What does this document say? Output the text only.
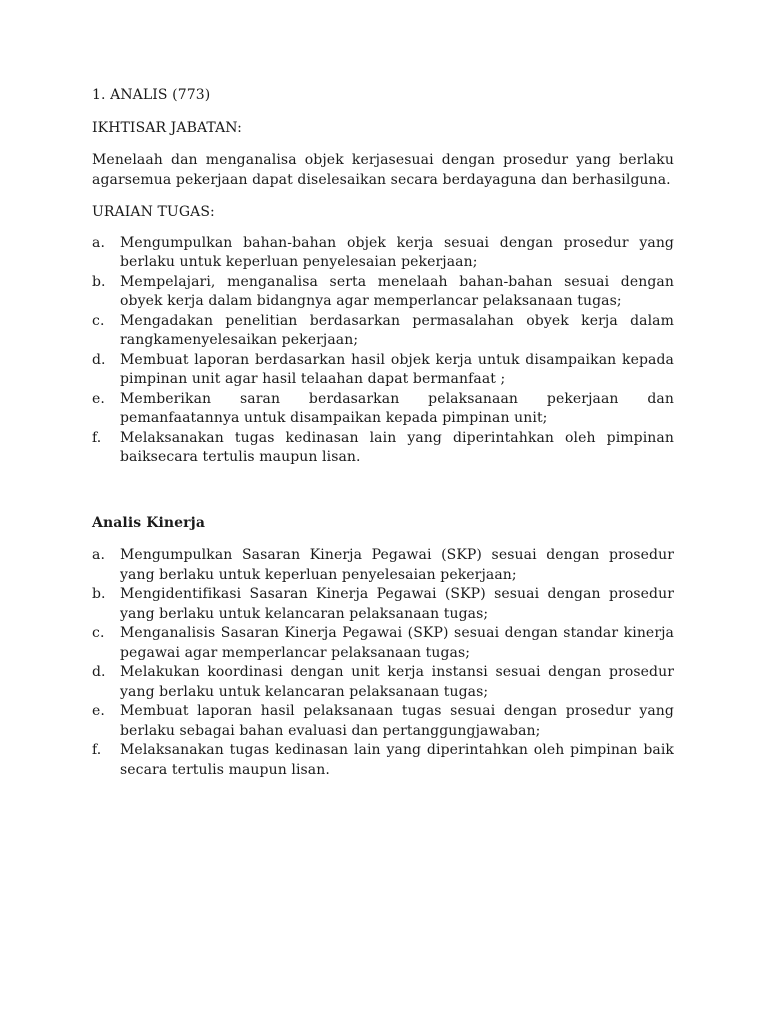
1. ANALIS (773)

IKHTISAR JABATAN:

Menelaah dan menganalisa objek kerjasesuai dengan prosedur yang berlaku agarsemua pekerjaan dapat diselesaikan secara berdayaguna dan berhasilguna.

URAIAN TUGAS:

a.	Mengumpulkan bahan-bahan objek kerja sesuai dengan prosedur yang berlaku untuk keperluan penyelesaian pekerjaan;
b.	Mempelajari, menganalisa serta menelaah bahan-bahan sesuai dengan obyek kerja dalam bidangnya agar memperlancar pelaksanaan tugas;
c.	Mengadakan penelitian berdasarkan permasalahan obyek kerja dalam rangkamenyelesaikan pekerjaan;
d.	Membuat laporan berdasarkan hasil objek kerja untuk disampaikan kepada pimpinan unit agar hasil telaahan dapat bermanfaat ;
e.	Memberikan saran berdasarkan pelaksanaan pekerjaan dan pemanfaatannya untuk disampaikan kepada pimpinan unit;
f.	Melaksanakan tugas kedinasan lain yang diperintahkan oleh pimpinan baiksecara tertulis maupun lisan.

Analis Kinerja

a.	Mengumpulkan Sasaran Kinerja Pegawai (SKP) sesuai dengan prosedur yang berlaku untuk keperluan penyelesaian pekerjaan;
b.	Mengidentifikasi Sasaran Kinerja Pegawai (SKP) sesuai dengan prosedur yang berlaku untuk kelancaran pelaksanaan tugas;
c.	Menganalisis Sasaran Kinerja Pegawai (SKP) sesuai dengan standar kinerja pegawai agar memperlancar pelaksanaan tugas;
d.	Melakukan koordinasi dengan unit kerja instansi sesuai dengan prosedur yang berlaku untuk kelancaran pelaksanaan tugas;
e.	Membuat laporan hasil pelaksanaan tugas sesuai dengan prosedur yang berlaku sebagai bahan evaluasi dan pertanggungjawaban;
f.	Melaksanakan tugas kedinasan lain yang diperintahkan oleh pimpinan baik secara tertulis maupun lisan.
